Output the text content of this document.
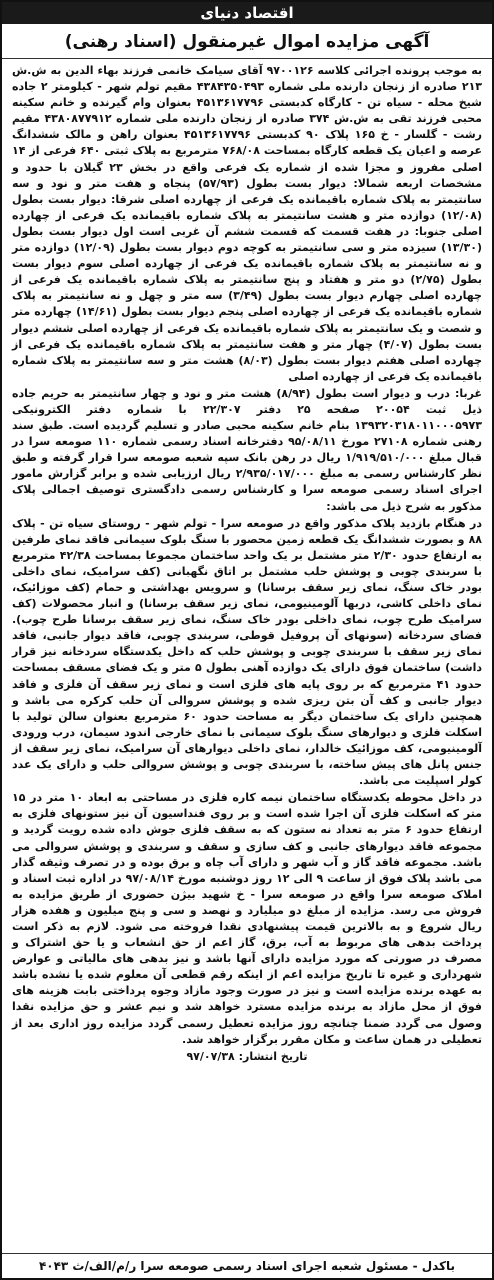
اقتصاد دنیای
آگهی مزایده اموال غیرمنقول (اسناد رهنی)

به موجب پرونده اجرائی کلاسه ۹۷۰۰۱۲۶ آقای سیامک خانمی فرزند بهاء الدین به ش.ش ۲۱۳ صادره از زنجان دارنده ملی شماره ۴۳۸۴۳۵۰۴۹۳ مقیم تولم شهر - کیلومتر ۲ جاده شیخ محله - سیاه تن - کارگاه کدبستی ۴۵۱۳۶۱۷۷۹۶ بعنوان وام گیرنده و خانم سکینه محبی فرزند تقی به ش.ش ۳۷۴ صادره از زنجان دارنده ملی شماره ۴۳۸۰۸۷۷۹۱۲ مقیم رشت - گلسار - خ ۱۶۵ پلاک ۹۰ کدبستی ۴۵۱۳۶۱۷۷۹۶ بعنوان راهن و مالک ششدانگ عرصه و اعیان یک قطعه کارگاه بمساحت ۷۶۸/۰۸ مترمربع به پلاک ثبتی ۶۴۰ فرعی از ۱۴ اصلی مفروز و مجزا شده از شماره یک فرعی واقع در بخش ۲۳ گیلان با حدود و مشخصات اربعه شمالا: دیوار بست بطول (۵۷/۹۳) پنجاه و هفت متر و نود و سه سانتیمتر به پلاک شماره باقیمانده یک فرعی از چهارده اصلی شرقا: دیوار بست بطول (۱۲/۰۸) دوازده متر و هشت سانتیمتر به پلاک شماره باقیمانده یک فرعی از چهارده اصلی جنوبا: در هفت قسمت که قسمت ششم آن غربی است اول دیوار بست بطول (۱۳/۳۰) سیزده متر و سی سانتیمتر به کوچه دوم دیوار بست بطول (۱۲/۰۹) دوازده متر و نه سانتیمتر به پلاک شماره باقیمانده یک فرعی از چهارده اصلی سوم دیوار بست بطول (۲/۷۵) دو متر و هفتاد و پنج سانتیمتر به پلاک شماره باقیمانده یک فرعی از چهارده اصلی چهارم دیوار بست بطول (۳/۴۹) سه متر و چهل و نه سانتیمتر به پلاک شماره باقیمانده یک فرعی از چهارده اصلی پنجم دیوار بست بطول (۱۴/۶۱) چهارده متر و شصت و یک سانتیمتر به پلاک شماره باقیمانده یک فرعی از چهارده اصلی ششم دیوار بست بطول (۴/۰۷) چهار متر و هفت سانتیمتر به پلاک شماره باقیمانده یک فرعی از چهارده اصلی هفتم دیوار بست بطول (۸/۰۳) هشت متر و سه سانتیمتر به پلاک شماره باقیمانده یک فرعی از چهارده اصلی

غربا: درب و دیوار است بطول (۸/۹۴) هشت متر و نود و چهار سانتیمتر به حریم جاده ذیل ثبت ۲۰۰۵۴ صفحه ۲۵ دفتر ۲۲/۳۰۷ با شماره دفتر الکترونیکی ۱۳۹۳۲۰۳۱۸۰۱۱۰۰۰۵۹۷۳ بنام خانم سکینه محبی صادر و تسلیم گردیده است. طبق سند رهنی شماره ۲۷۱۰۸ مورخ ۹۵/۰۸/۱۱ دفترخانه اسناد رسمی شماره ۱۱۰ صومعه سرا در قبال مبلغ ۱/۹۱۹/۵۱۰/۰۰۰ ریال در رهن بانک سپه شعبه صومعه سرا قرار گرفته و طبق نظر کارشناس رسمی به مبلغ ۲/۹۳۵/۰۱۷/۰۰۰ ریال ارزیابی شده و برابر گزارش مامور اجرای اسناد رسمی صومعه سرا و کارشناس رسمی دادگستری توصیف اجمالی پلاک مذکور به شرح ذیل می باشد:

در هنگام بازدید پلاک مذکور واقع در صومعه سرا - تولم شهر - روستای سیاه تن - پلاک ۸۸ و بصورت ششدانگ یک قطعه زمین محصور با سنگ بلوک سیمانی فاقد نمای طرفین به ارتفاع حدود ۲/۳۰ متر مشتمل بر یک واحد ساختمان مجموعا بمساحت ۴۲/۳۸ مترمربع با سربندی چوبی و پوشش حلب مشتمل بر اتاق نگهبانی (کف سرامیک، نمای داخلی بودر خاک سنگ، نمای زیر سقف برسانا) و سرویس بهداشتی و حمام (کف موزائیک، نمای داخلی کاشی، دربها آلومینیومی، نمای زیر سقف برسانا) و انبار محصولات (کف سرامیک طرح چوب، نمای داخلی بودر خاک سنگ، نمای زیر سقف برسانا طرح چوب). فضای سردخانه (سونهای آن پروفیل قوطی، سربندی چوبی، فاقد دیوار جانبی، فاقد نمای زیر سقف با سربندی چوبی و پوشش حلب که داخل یکدستگاه سردخانه نیز قرار داشت) ساختمان فوق دارای یک دوازده آهنی بطول ۵ متر و یک فضای مسقف بمساحت حدود ۴۱ مترمربع که بر روی پایه های فلزی است و نمای زیر سقف آن فلزی و فاقد دیوار جانبی و کف آن بتن ریزی شده و پوشش سروالی آن حلب کرکره می باشد و همچنین دارای یک ساختمان دیگر به مساحت حدود ۶۰ مترمربع بعنوان سالن تولید با اسکلت فلزی و دیوارهای سنگ بلوک سیمانی با نمای خارجی اندود سیمان، درب ورودی آلومینیومی، کف موزائیک خالدار، نمای داخلی دیوارهای آن سرامیک، نمای زیر سقف از جنس پانل های پیش ساخته، با سربندی چوبی و پوشش سروالی حلب و دارای یک عدد کولر اسپلیت می باشد.

در داخل محوطه یکدستگاه ساختمان نیمه کاره فلزی در مساحتی به ابعاد ۱۰ متر در ۱۵ متر که اسکلت فلزی آن اجرا شده است و بر روی فنداسیون آن نیز ستونهای فلزی به ارتفاع حدود ۶ متر به تعداد نه ستون که به سقف فلزی جوش داده شده رویت گردید و مجموعه فاقد دیوارهای جانبی و کف سازی و سقف و سربندی و پوشش سروالی می باشد. مجموعه فاقد گاز و آب شهر و دارای آب چاه و برق بوده و در تصرف وثیقه گذار می باشد پلاک فوق از ساعت ۹ الی ۱۲ روز دوشنبه مورخ ۹۷/۰۸/۱۴ در اداره ثبت اسناد و املاک صومعه سرا واقع در صومعه سرا - خ شهید بیژن حضوری از طریق مزایده به فروش می رسد. مزایده از مبلغ دو میلیارد و نهصد و سی و پنج میلیون و هفده هزار ریال شروع و به بالاترین قیمت پیشنهادی نقدا فروخته می شود. لازم به ذکر است پرداخت بدهی های مربوط به آب، برق، گاز اعم از حق انشعاب و یا حق اشتراک و مصرف در صورتی که مورد مزایده دارای آنها باشد و نیز بدهی های مالیاتی و عوارض شهرداری و غیره تا تاریخ مزایده اعم از اینکه رقم قطعی آن معلوم شده یا نشده باشد به عهده برنده مزایده است و نیز در صورت وجود مازاد وجوه پرداختی بابت هزینه های فوق از محل مازاد به برنده مزایده مسترد خواهد شد و نیم عشر و حق مزایده نقدا وصول می گردد ضمنا چنانچه روز مزایده تعطیل رسمی گردد مزایده روز اداری بعد از تعطیلی در همان ساعت و مکان مقرر برگزار خواهد شد.

تاریخ انتشار: ۹۷/۰۷/۳۸

باکدل - مسئول شعبه اجرای اسناد رسمی صومعه سرا ر/م/الف/ث ۴۰۴۳
